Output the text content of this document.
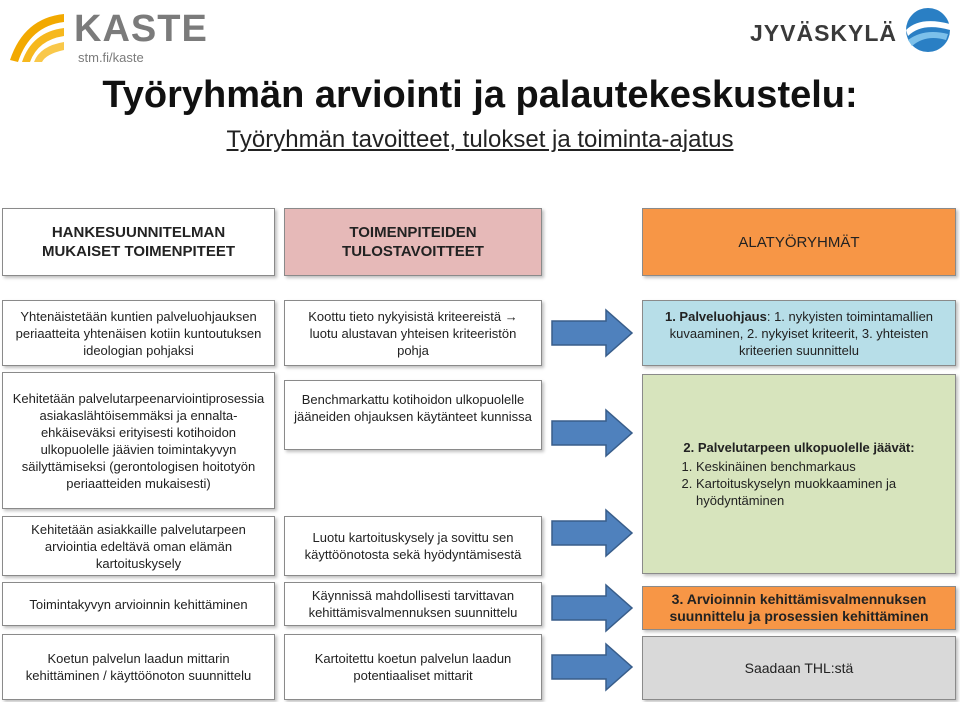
KASTE
stm.fi/kaste
JYVÄSKYLÄ
Työryhmän arviointi ja palautekeskustelu:
Työryhmän tavoitteet, tulokset ja toiminta-ajatus
HANKESUUNNITELMAN MUKAISET TOIMENPITEET
TOIMENPITEIDEN TULOSTAVOITTEET
ALATYÖRYHMÄT
Yhtenäistetään kuntien palveluohjauksen periaatteita yhtenäisen kotiin kuntoutuksen ideologian pohjaksi
Kehitetään palvelutarpeenarviointiprosessia asiakaslähtöisemmäksi ja ennalta-ehkäiseväksi erityisesti kotihoidon ulkopuolelle jäävien toimintakyvyn säilyttämiseksi (gerontologisen hoitotyön periaatteiden mukaisesti)
Kehitetään asiakkaille palvelutarpeen arviointia edeltävä oman elämän kartoituskysely
Toimintakyvyn arvioinnin kehittäminen
Koetun palvelun laadun mittarin kehittäminen / käyttöönoton suunnittelu
Koottu tieto nykyisistä kriteereistä → luotu alustavan yhteisen kriteeristön pohja
Benchmarkattu kotihoidon ulkopuolelle jääneiden ohjauksen käytänteet kunnissa
Luotu kartoituskysely ja sovittu sen käyttöönotosta sekä hyödyntämisestä
Käynnissä mahdollisesti tarvittavan kehittämisvalmennuksen suunnittelu
Kartoitettu koetun palvelun laadun potentiaaliset mittarit
1. Palveluohjaus: 1. nykyisten toimintamallien kuvaaminen, 2. nykyiset kriteerit, 3. yhteisten kriteerien suunnittelu
2. Palvelutarpeen ulkopuolelle jäävät:
1. Keskinäinen benchmarkaus
2. Kartoituskyselyn muokkaaminen ja hyödyntäminen
3. Arvioinnin kehittämisvalmennuksen suunnittelu ja prosessien kehittäminen
Saadaan THL:stä
